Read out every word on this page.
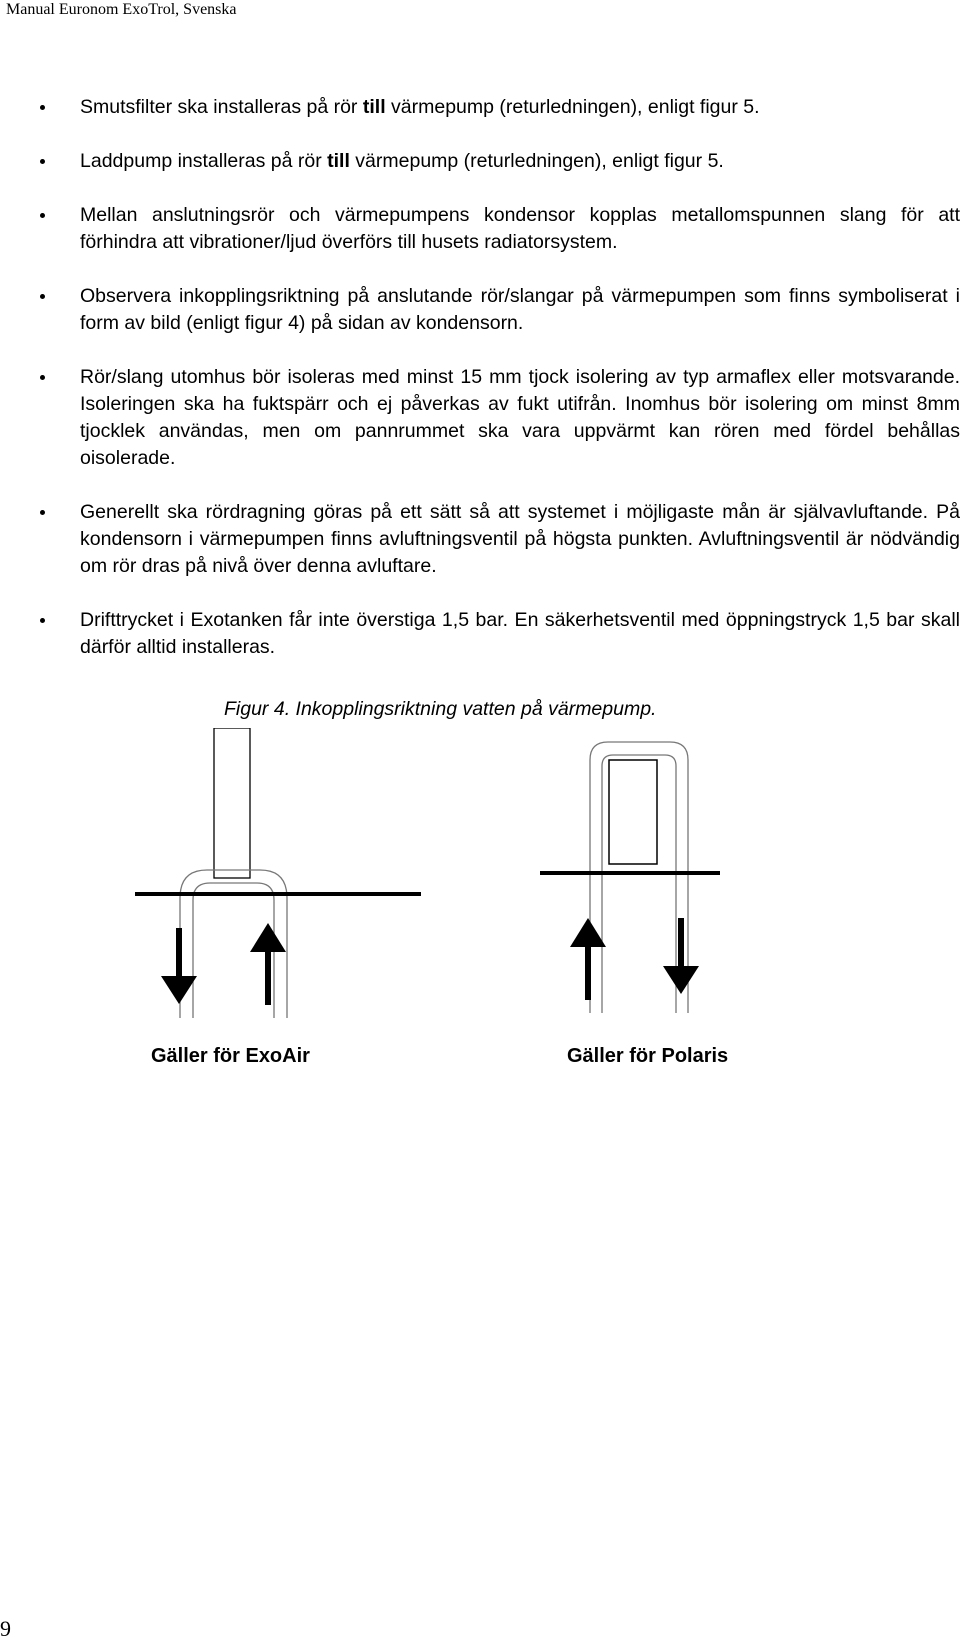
Manual Euronom ExoTrol, Svenska
Smutsfilter ska installeras på rör till värmepump (returledningen), enligt figur 5.
Laddpump installeras på rör till värmepump (returledningen), enligt figur 5.
Mellan anslutningsrör och värmepumpens kondensor kopplas metallomspunnen slang för att förhindra att vibrationer/ljud överförs till husets radiatorsystem.
Observera inkopplingsriktning på anslutande rör/slangar på värmepumpen som finns symboliserat i form av bild (enligt figur 4) på sidan av kondensorn.
Rör/slang utomhus bör isoleras med minst 15 mm tjock isolering av typ armaflex eller motsvarande. Isoleringen ska ha fuktspärr och ej påverkas av fukt utifrån. Inomhus bör isolering om minst 8mm tjocklek användas, men om pannrummet ska vara uppvärmt kan rören med fördel behållas oisolerade.
Generellt ska rördragning göras på ett sätt så att systemet i möjligaste mån är självavluftande. På kondensorn i värmepumpen finns avluftningsventil på högsta punkten. Avluftningsventil är nödvändig om rör dras på nivå över denna avluftare.
Drifttrycket i Exotanken får inte överstiga 1,5 bar. En säkerhetsventil med öppningstryck 1,5 bar skall därför alltid installeras.
Figur 4. Inkopplingsriktning vatten på värmepump.
Gäller för ExoAir	Gäller för Polaris
9
